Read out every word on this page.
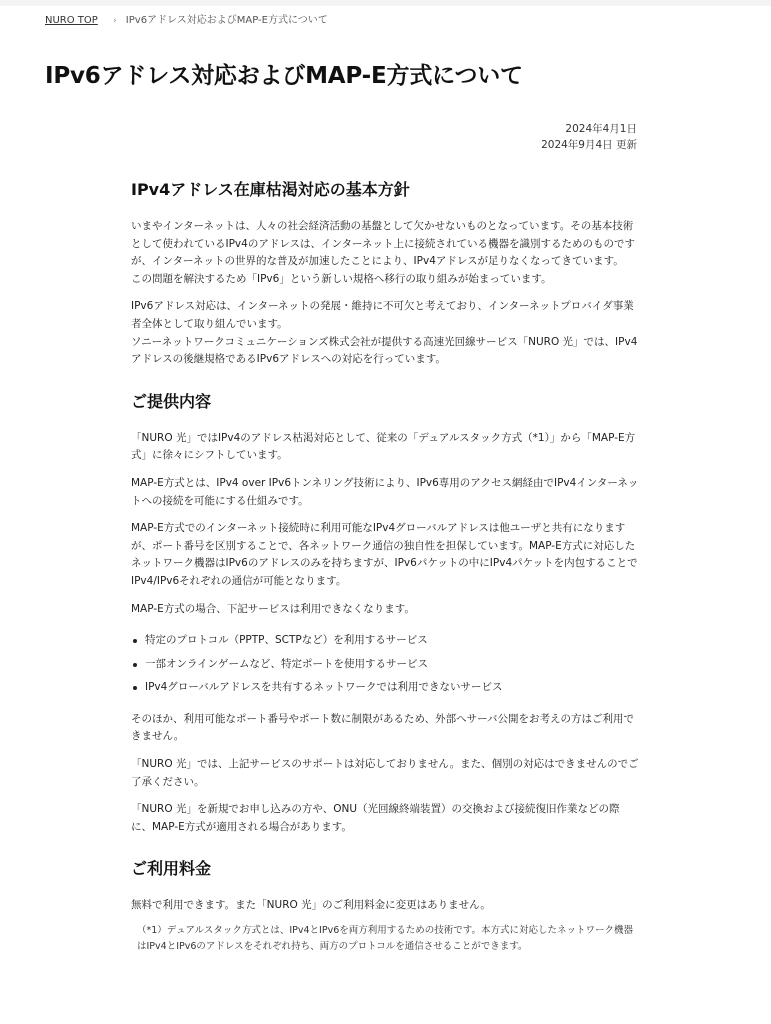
NURO TOP › IPv6アドレス対応およびMAP-E方式について
IPv6アドレス対応およびMAP-E方式について
2024年4月1日
2024年9月4日 更新
IPv4アドレス在庫枯渇対応の基本方針

いまやインターネットは、人々の社会経済活動の基盤として欠かせないものとなっています。その基本技術として使われているIPv4のアドレスは、インターネット上に接続されている機器を識別するためのものですが、インターネットの世界的な普及が加速したことにより、IPv4アドレスが足りなくなってきています。

この問題を解決するため「IPv6」という新しい規格へ移行の取り組みが始まっています。

IPv6アドレス対応は、インターネットの発展・維持に不可欠と考えており、インターネットプロバイダ事業者全体として取り組んでいます。

ソニーネットワークコミュニケーションズ株式会社が提供する高速光回線サービス「NURO 光」では、IPv4アドレスの後継規格であるIPv6アドレスへの対応を行っています。

ご提供内容

「NURO 光」ではIPv4のアドレス枯渇対応として、従来の「デュアルスタック方式（*1）」から「MAP-E方式」に徐々にシフトしています。

MAP-E方式とは、IPv4 over IPv6トンネリング技術により、IPv6専用のアクセス網経由でIPv4インターネットへの接続を可能にする仕組みです。

MAP-E方式でのインターネット接続時に利用可能なIPv4グローバルアドレスは他ユーザと共有になりますが、ポート番号を区別することで、各ネットワーク通信の独自性を担保しています。MAP-E方式に対応したネットワーク機器はIPv6のアドレスのみを持ちますが、IPv6パケットの中にIPv4パケットを内包することでIPv4/IPv6それぞれの通信が可能となります。

MAP-E方式の場合、下記サービスは利用できなくなります。

特定のプロトコル（PPTP、SCTPなど）を利用するサービス
一部オンラインゲームなど、特定ポートを使用するサービス
IPv4グローバルアドレスを共有するネットワークでは利用できないサービス

そのほか、利用可能なポート番号やポート数に制限があるため、外部へサーバ公開をお考えの方はご利用できません。

「NURO 光」では、上記サービスのサポートは対応しておりません。また、個別の対応はできませんのでご了承ください。

「NURO 光」を新規でお申し込みの方や、ONU（光回線終端装置）の交換および接続復旧作業などの際に、MAP-E方式が適用される場合があります。

ご利用料金

無料で利用できます。また「NURO 光」のご利用料金に変更はありません。

（*1）デュアルスタック方式とは、IPv4とIPv6を両方利用するための技術です。本方式に対応したネットワーク機器はIPv4とIPv6のアドレスをそれぞれ持ち、両方のプロトコルを通信させることができます。
